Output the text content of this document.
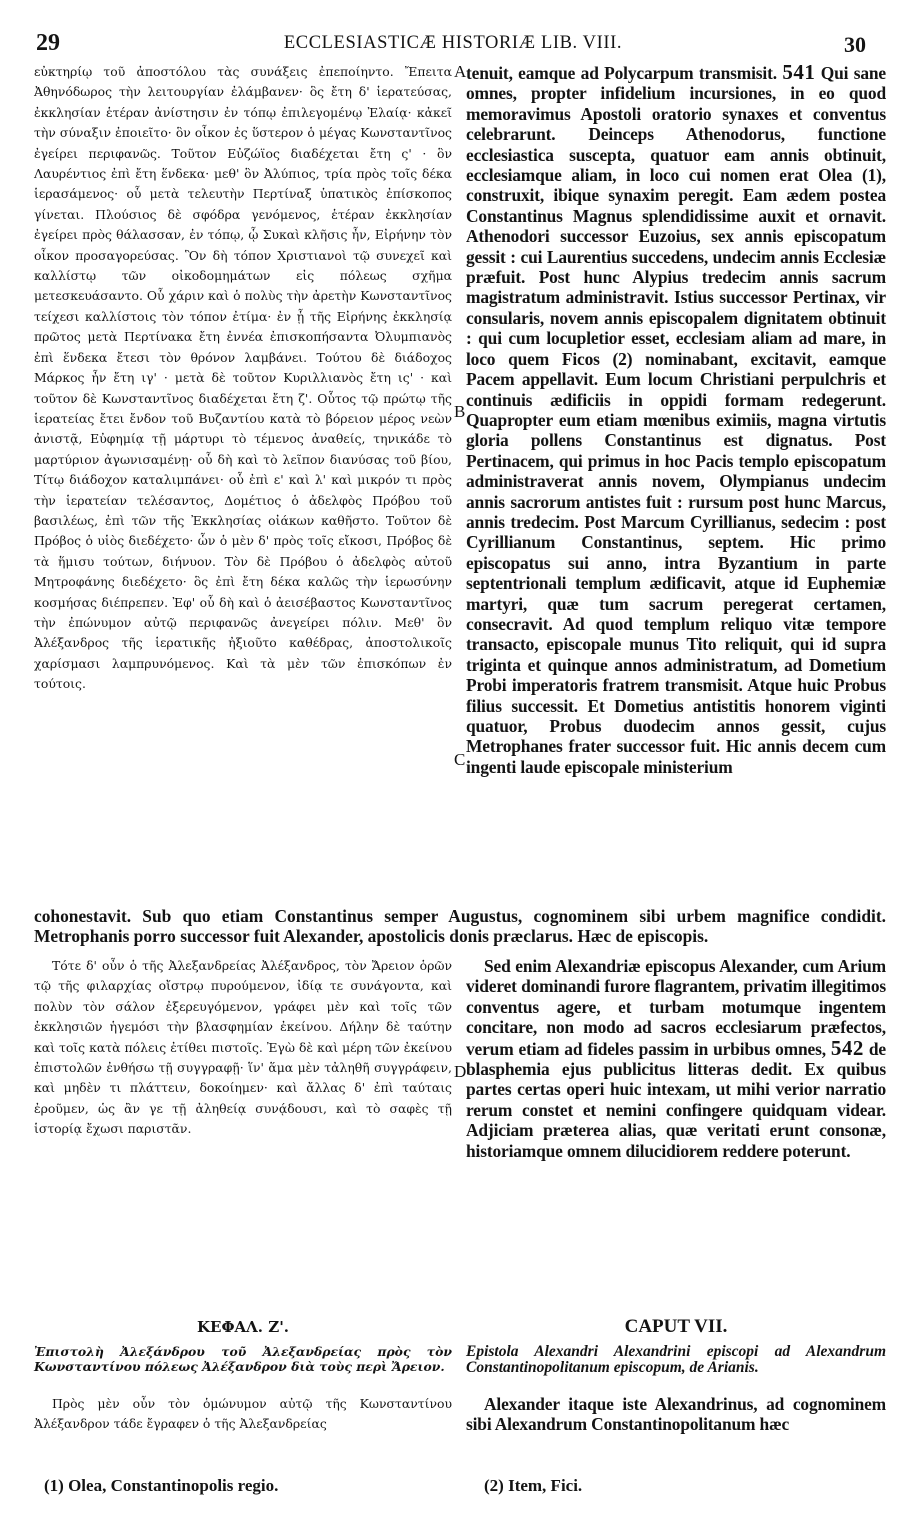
29	ECCLESIASTICÆ HISTORIÆ LIB. VIII.	30

εὐκτηρίῳ τοῦ ἀποστόλου τὰς συνάξεις ἐπεποίηντο. Ἔπειτα Ἀθηνόδωρος τὴν λειτουργίαν ἐλάμβανεν· ὃς ἔτη δ' ἱερατεύσας, ἐκκλησίαν ἑτέραν ἀνίστησιν ἐν τόπῳ ἐπιλεγομένῳ Ἐλαίᾳ· κἀκεῖ τὴν σύναξιν ἐποιεῖτο· ὃν οἶκον ἐς ὕστερον ὁ μέγας Κωνσταντῖνος ἐγείρει περιφανῶς. Τοῦτον Εὐζώϊος διαδέχεται ἔτη ς' · ὃν Λαυρέντιος ἐπὶ ἔτη ἕνδεκα· μεθ' ὃν Ἀλύπιος, τρία πρὸς τοῖς δέκα ἱερασάμενος· οὗ μετὰ τελευτὴν Περτίναξ ὑπατικὸς ἐπίσκοπος γίνεται. Πλούσιος δὲ σφόδρα γενόμενος, ἑτέραν ἐκκλησίαν ἐγείρει πρὸς θάλασσαν, ἐν τόπῳ, ᾧ Συκαὶ κλῆσις ἦν, Εἰρήνην τὸν οἶκον προσαγορεύσας. Ὃν δὴ τόπον Χριστιανοὶ τῷ συνεχεῖ καὶ καλλίστῳ τῶν οἰκοδομημάτων εἰς πόλεως σχῆμα μετεσκευάσαντο. Οὗ χάριν καὶ ὁ πολὺς τὴν ἀρετὴν Κωνσταντῖνος τείχεσι καλλίστοις τὸν τόπον ἐτίμα· ἐν ᾗ τῆς Εἰρήνης ἐκκλησίᾳ πρῶτος μετὰ Περτίνακα ἔτη ἐννέα ἐπισκοπήσαντα Ὀλυμπιανὸς ἐπὶ ἕνδεκα ἔτεσι τὸν θρόνον λαμβάνει. Τούτου δὲ διάδοχος Μάρκος ἦν ἔτη ιγ' · μετὰ δὲ τοῦτον Κυριλλιανὸς ἔτη ις' · καὶ τοῦτον δὲ Κωνσταντῖνος διαδέχεται ἔτη ζ'. Οὗτος τῷ πρώτῳ τῆς ἱερατείας ἔτει ἔνδον τοῦ Βυζαντίου κατὰ τὸ βόρειον μέρος νεὼν ἀνιστᾷ, Εὐφημίᾳ τῇ μάρτυρι τὸ τέμενος ἀναθείς, τηνικάδε τὸ μαρτύριον ἀγωνισαμένῃ· οὗ δὴ καὶ τὸ λεῖπον διανύσας τοῦ βίου, Τίτῳ διάδοχον καταλιμπάνει· οὗ ἐπὶ ε' καὶ λ' καὶ μικρόν τι πρὸς τὴν ἱερατείαν τελέσαντος, Δομέτιος ὁ ἀδελφὸς Πρόβου τοῦ βασιλέως, ἐπὶ τῶν τῆς Ἐκκλησίας οἰάκων καθῆστο. Τοῦτον δὲ Πρόβος ὁ υἱὸς διεδέχετο· ὧν ὁ μὲν δ' πρὸς τοῖς εἴκοσι, Πρόβος δὲ τὰ ἥμισυ τούτων, διήνυον. Τὸν δὲ Πρόβου ὁ ἀδελφὸς αὐτοῦ Μητροφάνης διεδέχετο· ὃς ἐπὶ ἔτη δέκα καλῶς τὴν ἱερωσύνην κοσμήσας διέπρεπεν. Ἐφ' οὗ δὴ καὶ ὁ ἀεισέβαστος Κωνσταντῖνος τὴν ἐπώνυμον αὐτῷ περιφανῶς ἀνεγείρει πόλιν. Μεθ' ὃν Ἀλέξανδρος τῆς ἱερατικῆς ἠξιοῦτο καθέδρας, ἀποστολικοῖς χαρίσμασι λαμπρυνόμενος. Καὶ τὰ μὲν τῶν ἐπισκόπων ἐν τούτοις.

tenuit, eamque ad Polycarpum transmisit. 541 Qui sane omnes, propter infidelium incursiones, in eo quod memoravimus Apostoli oratorio synaxes et conventus celebrarunt. Deinceps Athenodorus, functione ecclesiastica suscepta, quatuor eam annis obtinuit, ecclesiamque aliam, in loco cui nomen erat Olea (1), construxit, ibique synaxim peregit. Eam ædem postea Constantinus Magnus splendidissime auxit et ornavit. Athenodori successor Euzoius, sex annis episcopatum gessit : cui Laurentius succedens, undecim annis Ecclesiæ præfuit. Post hunc Alypius tredecim annis sacrum magistratum administravit. Istius successor Pertinax, vir consularis, novem annis episcopalem dignitatem obtinuit : qui cum locupletior esset, ecclesiam aliam ad mare, in loco quem Ficos (2) nominabant, excitavit, eamque Pacem appellavit. Eum locum Christiani perpulchris et continuis ædificiis in oppidi formam redegerunt. Quapropter eum etiam mœnibus eximiis, magna virtutis gloria pollens Constantinus est dignatus. Post Pertinacem, qui primus in hoc Pacis templo episcopatum administraverat annis novem, Olympianus undecim annis sacrorum antistes fuit : rursum post hunc Marcus, annis tredecim. Post Marcum Cyrillianus, sedecim : post Cyrillianum Constantinus, septem. Hic primo episcopatus sui anno, intra Byzantium in parte septentrionali templum ædificavit, atque id Euphemiæ martyri, quæ tum sacrum peregerat certamen, consecravit. Ad quod templum reliquo vitæ tempore transacto, episcopale munus Tito reliquit, qui id supra triginta et quinque annos administratum, ad Dometium Probi imperatoris fratrem transmisit. Atque huic Probus filius successit. Et Dometius antistitis honorem viginti quatuor, Probus duodecim annos gessit, cujus Metrophanes frater successor fuit. Hic annis decem cum ingenti laude episcopale ministerium

A
B
C
D
cohonestavit. Sub quo etiam Constantinus semper Augustus, cognominem sibi urbem magnifice condidit. Metrophanis porro successor fuit Alexander, apostolicis donis præclarus. Hæc de episcopis.

Τότε δ' οὖν ὁ τῆς Ἀλεξανδρείας Ἀλέξανδρος, τὸν Ἄρειον ὁρῶν τῷ τῆς φιλαρχίας οἴστρῳ πυρούμενον, ἰδίᾳ τε συνάγοντα, καὶ πολὺν τὸν σάλον ἐξερευγόμενον, γράφει μὲν καὶ τοῖς τῶν ἐκκλησιῶν ἡγεμόσι τὴν βλασφημίαν ἐκείνου. Δήλην δὲ ταύτην καὶ τοῖς κατὰ πόλεις ἐτίθει πιστοῖς. Ἐγὼ δὲ καὶ μέρη τῶν ἐκείνου ἐπιστολῶν ἐνθήσω τῇ συγγραφῇ· ἵν' ἅμα μὲν τἀληθῆ συγγράφειν, καὶ μηδὲν τι πλάττειν, δοκοίημεν· καὶ ἄλλας δ' ἐπὶ ταύταις ἐροῦμεν, ὡς ἂν γε τῇ ἀληθείᾳ συνᾴδουσι, καὶ τὸ σαφὲς τῇ ἱστορίᾳ ἔχωσι παριστᾶν.

Sed enim Alexandriæ episcopus Alexander, cum Arium videret dominandi furore flagrantem, privatim illegitimos conventus agere, et turbam motumque ingentem concitare, non modo ad sacros ecclesiarum præfectos, verum etiam ad fideles passim in urbibus omnes, 542 de blasphemia ejus publicitus litteras dedit. Ex quibus partes certas operi huic intexam, ut mihi verior narratio rerum constet et nemini confingere quidquam videar. Adjiciam præterea alias, quæ veritati erunt consonæ, historiamque omnem dilucidiorem reddere poterunt.

ΚΕΦΑΛ. Ζ'.	CAPUT VII.
Ἐπιστολὴ Ἀλεξάνδρου τοῦ Ἀλεξανδρείας πρὸς τὸν Κωνσταντίνου πόλεως Ἀλέξανδρον διὰ τοὺς περὶ Ἄρειον.
Epistola Alexandri Alexandrini episcopi ad Alexandrum Constantinopolitanum episcopum, de Arianis.

Πρὸς μὲν οὖν τὸν ὁμώνυμον αὐτῷ τῆς Κωνσταντίνου Ἀλέξανδρον τάδε ἔγραφεν ὁ τῆς Ἀλεξανδρείας

Alexander itaque iste Alexandrinus, ad cognominem sibi Alexandrum Constantinopolitanum hæc

(1) Olea, Constantinopolis regio.	(2) Item, Fici.
